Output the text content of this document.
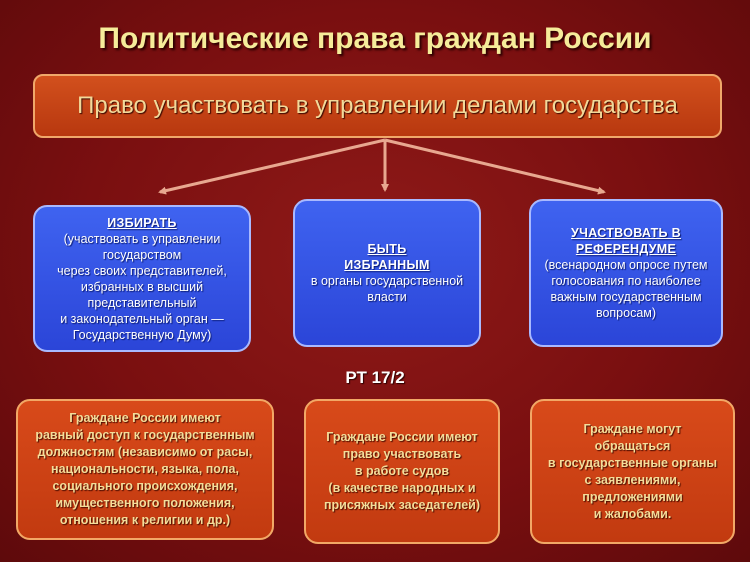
Политические права граждан России
Право участвовать в управлении делами государства
ИЗБИРАТЬ
(участвовать в управлении государством
через своих представителей, избранных в высший представительный
и законодательный орган —
Государственную Думу)
БЫТЬ ИЗБРАННЫМ
в органы государственной власти
УЧАСТВОВАТЬ В РЕФЕРЕНДУМЕ
(всенародном опросе путем голосования по наиболее важным государственным вопросам)
РТ 17/2
Граждане России имеют
равный доступ к государственным
должностям (независимо от расы,
национальности, языка, пола,
социального происхождения,
имущественного положения,
отношения к религии и др.)
Граждане России имеют
право участвовать
в работе судов
(в качестве народных и
присяжных заседателей)
Граждане могут
обращаться
в государственные органы
с заявлениями,
предложениями
и жалобами.
